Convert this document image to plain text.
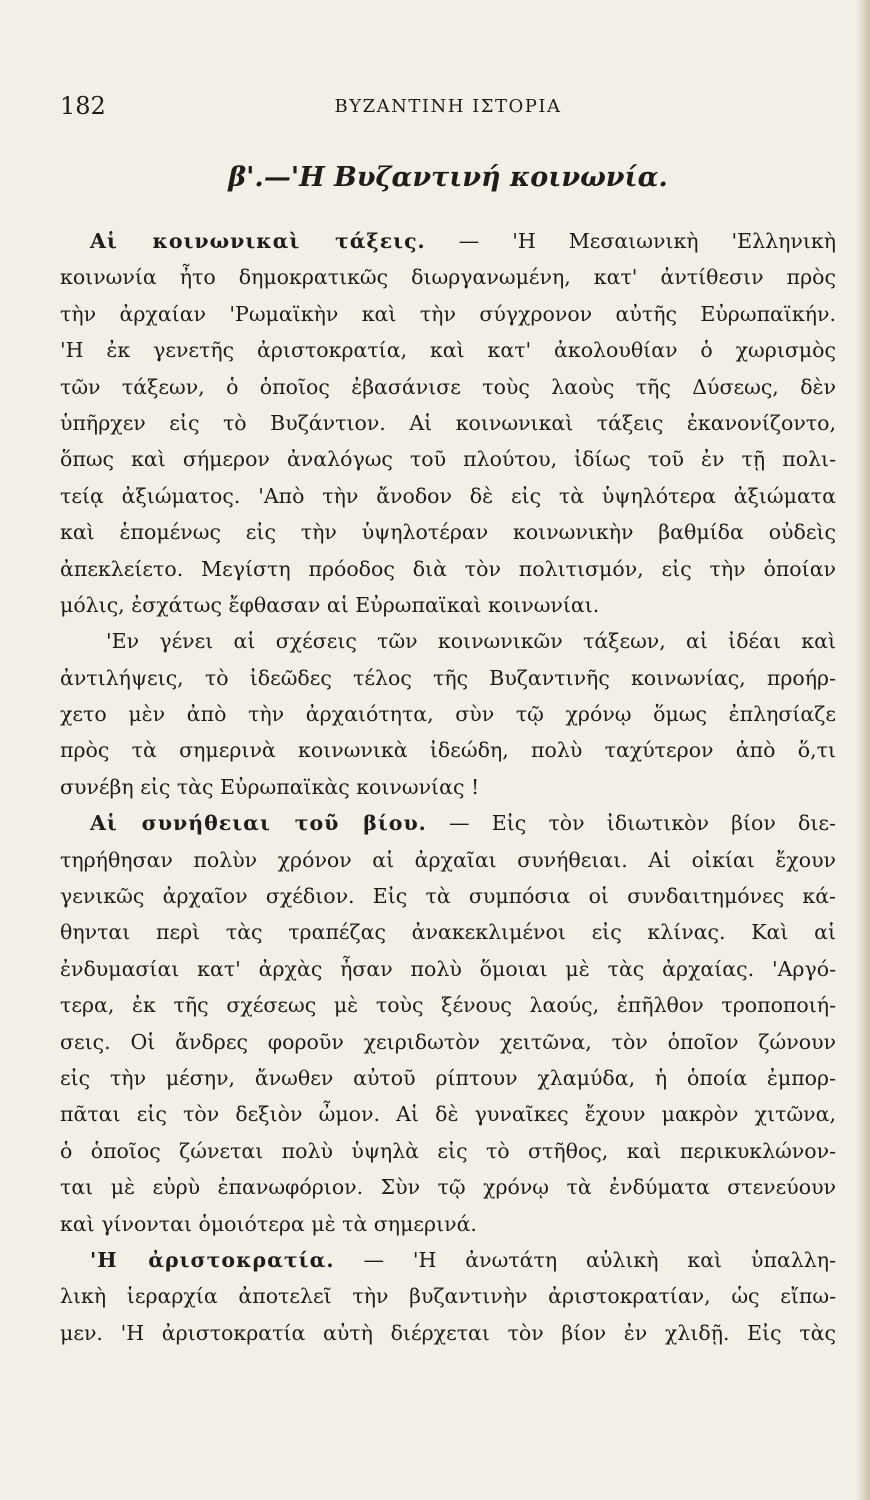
182	ΒΥΖΑΝΤΙΝΗ ΙΣΤΟΡΙΑ
β'.—'Η Βυζαντινή κοινωνία.
Αἱ κοινωνικαὶ τάξεις. — 'Η Μεσαιωνικὴ 'Ελληνικὴ
κοινωνία ἦτο δημοκρατικῶς διωργανωμένη, κατ' ἀντίθεσιν πρὸς
τὴν ἀρχαίαν 'Ρωμαϊκὴν καὶ τὴν σύγχρονον αὐτῆς Εὐρωπαϊκήν.
'Η ἐκ γενετῆς ἀριστοκρατία, καὶ κατ' ἀκολουθίαν ὁ χωρισμὸς
τῶν τάξεων, ὁ ὁποῖος ἐβασάνισε τοὺς λαοὺς τῆς Δύσεως, δὲν
ὑπῆρχεν εἰς τὸ Βυζάντιον. Αἱ κοινωνικαὶ τάξεις ἐκανονίζοντο,
ὅπως καὶ σήμερον ἀναλόγως τοῦ πλούτου, ἰδίως τοῦ ἐν τῇ πολι-
τείᾳ ἀξιώματος. 'Απὸ τὴν ἄνοδον δὲ εἰς τὰ ὑψηλότερα ἀξιώματα
καὶ ἑπομένως εἰς τὴν ὑψηλοτέραν κοινωνικὴν βαθμίδα οὐδεὶς
ἀπεκλείετο. Μεγίστη πρόοδος διὰ τὸν πολιτισμόν, εἰς τὴν ὁποίαν
μόλις, ἐσχάτως ἔφθασαν αἱ Εὐρωπαϊκαὶ κοινωνίαι.
'Εν γένει αἱ σχέσεις τῶν κοινωνικῶν τάξεων, αἱ ἰδέαι καὶ
ἀντιλήψεις, τὸ ἰδεῶδες τέλος τῆς Βυζαντινῆς κοινωνίας, προήρ-
χετο μὲν ἀπὸ τὴν ἀρχαιότητα, σὺν τῷ χρόνῳ ὅμως ἐπλησίαζε
πρὸς τὰ σημερινὰ κοινωνικὰ ἰδεώδη, πολὺ ταχύτερον ἀπὸ ὅ,τι
συνέβη εἰς τὰς Εὐρωπαϊκὰς κοινωνίας !
Αἱ συνήθειαι τοῦ βίου. — Εἰς τὸν ἰδιωτικὸν βίον διε-
τηρήθησαν πολὺν χρόνον αἱ ἀρχαῖαι συνήθειαι. Αἱ οἰκίαι ἔχουν
γενικῶς ἀρχαῖον σχέδιον. Εἰς τὰ συμπόσια οἱ συνδαιτημόνες κά-
θηνται περὶ τὰς τραπέζας ἀνακεκλιμένοι εἰς κλίνας. Καὶ αἱ
ἐνδυμασίαι κατ' ἀρχὰς ἦσαν πολὺ ὅμοιαι μὲ τὰς ἀρχαίας. 'Αργό-
τερα, ἐκ τῆς σχέσεως μὲ τοὺς ξένους λαούς, ἐπῆλθον τροποποιή-
σεις. Οἱ ἄνδρες φοροῦν χειριδωτὸν χειτῶνα, τὸν ὁποῖον ζώνουν
εἰς τὴν μέσην, ἄνωθεν αὐτοῦ ρίπτουν χλαμύδα, ἡ ὁποία ἐμπορ-
πᾶται εἰς τὸν δεξιὸν ὦμον. Αἱ δὲ γυναῖκες ἔχουν μακρὸν χιτῶνα,
ὁ ὁποῖος ζώνεται πολὺ ὑψηλὰ εἰς τὸ στῆθος, καὶ περικυκλώνον-
ται μὲ εὐρὺ ἐπανωφόριον. Σὺν τῷ χρόνῳ τὰ ἐνδύματα στενεύουν
καὶ γίνονται ὁμοιότερα μὲ τὰ σημερινά.
'Η ἀριστοκρατία. — 'Η ἀνωτάτη αὐλικὴ καὶ ὑπαλλη-
λικὴ ἱεραρχία ἀποτελεῖ τὴν βυζαντινὴν ἀριστοκρατίαν, ὡς εἴπω-
μεν. 'Η ἀριστοκρατία αὐτὴ διέρχεται τὸν βίον ἐν χλιδῇ. Εἰς τὰς
